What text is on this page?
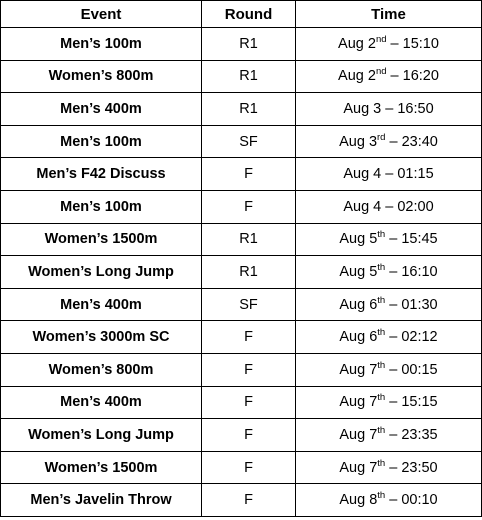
Event	Round	Time
Men’s 100m	R1	Aug 2nd – 15:10
Women’s 800m	R1	Aug 2nd – 16:20
Men’s 400m	R1	Aug 3 – 16:50
Men’s 100m	SF	Aug 3rd – 23:40
Men’s F42 Discuss	F	Aug 4 – 01:15
Men’s 100m	F	Aug 4 – 02:00
Women’s 1500m	R1	Aug 5th – 15:45
Women’s Long Jump	R1	Aug 5th – 16:10
Men’s 400m	SF	Aug 6th – 01:30
Women’s 3000m SC	F	Aug 6th – 02:12
Women’s 800m	F	Aug 7th – 00:15
Men’s 400m	F	Aug 7th – 15:15
Women’s Long Jump	F	Aug 7th – 23:35
Women’s 1500m	F	Aug 7th – 23:50
Men’s Javelin Throw	F	Aug 8th – 00:10
